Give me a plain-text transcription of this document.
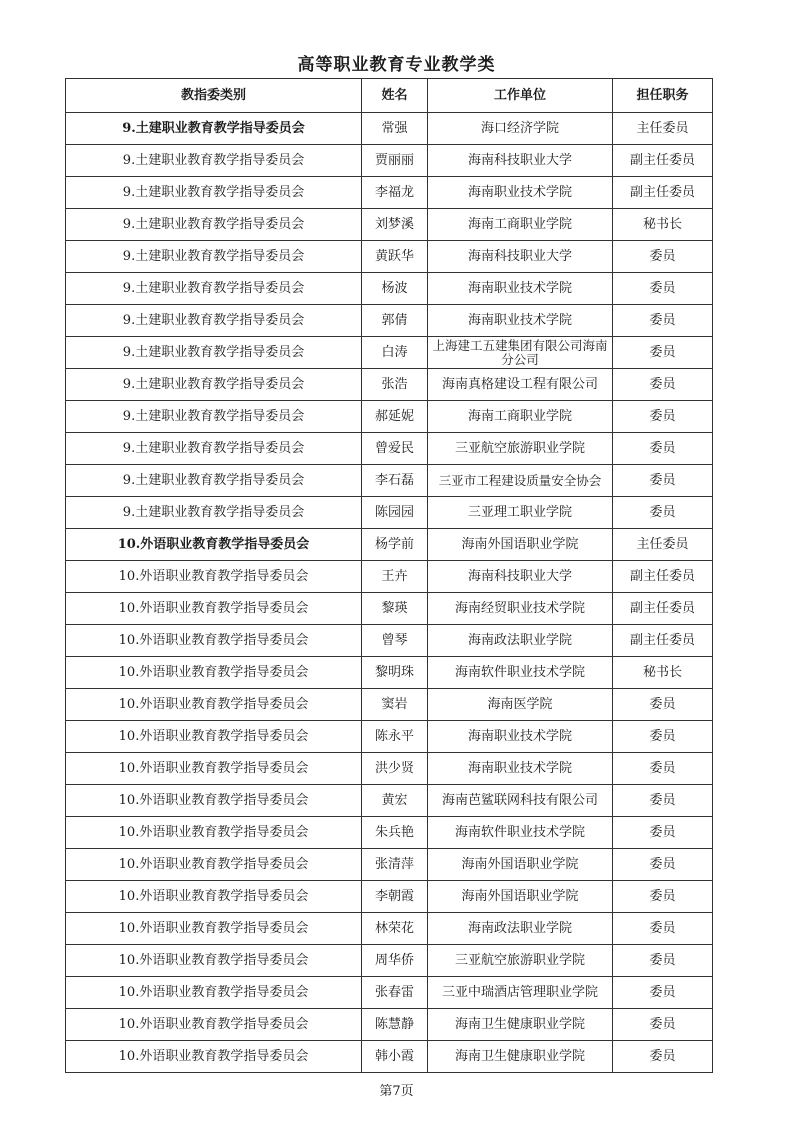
高等职业教育专业教学类
教指委类别	姓名	工作单位	担任职务
9.土建职业教育教学指导委员会	常强	海口经济学院	主任委员
9.土建职业教育教学指导委员会	贾丽丽	海南科技职业大学	副主任委员
9.土建职业教育教学指导委员会	李福龙	海南职业技术学院	副主任委员
9.土建职业教育教学指导委员会	刘梦溪	海南工商职业学院	秘书长
9.土建职业教育教学指导委员会	黄跃华	海南科技职业大学	委员
9.土建职业教育教学指导委员会	杨波	海南职业技术学院	委员
9.土建职业教育教学指导委员会	郭倩	海南职业技术学院	委员
9.土建职业教育教学指导委员会	白涛	上海建工五建集团有限公司海南分公司	委员
9.土建职业教育教学指导委员会	张浩	海南真格建设工程有限公司	委员
9.土建职业教育教学指导委员会	郝延妮	海南工商职业学院	委员
9.土建职业教育教学指导委员会	曾爱民	三亚航空旅游职业学院	委员
9.土建职业教育教学指导委员会	李石磊	三亚市工程建设质量安全协会	委员
9.土建职业教育教学指导委员会	陈园园	三亚理工职业学院	委员
10.外语职业教育教学指导委员会	杨学前	海南外国语职业学院	主任委员
10.外语职业教育教学指导委员会	王卉	海南科技职业大学	副主任委员
10.外语职业教育教学指导委员会	黎瑛	海南经贸职业技术学院	副主任委员
10.外语职业教育教学指导委员会	曾琴	海南政法职业学院	副主任委员
10.外语职业教育教学指导委员会	黎明珠	海南软件职业技术学院	秘书长
10.外语职业教育教学指导委员会	窦岩	海南医学院	委员
10.外语职业教育教学指导委员会	陈永平	海南职业技术学院	委员
10.外语职业教育教学指导委员会	洪少贤	海南职业技术学院	委员
10.外语职业教育教学指导委员会	黄宏	海南芭鲨联网科技有限公司	委员
10.外语职业教育教学指导委员会	朱兵艳	海南软件职业技术学院	委员
10.外语职业教育教学指导委员会	张清萍	海南外国语职业学院	委员
10.外语职业教育教学指导委员会	李朝霞	海南外国语职业学院	委员
10.外语职业教育教学指导委员会	林荣花	海南政法职业学院	委员
10.外语职业教育教学指导委员会	周华侨	三亚航空旅游职业学院	委员
10.外语职业教育教学指导委员会	张春雷	三亚中瑞酒店管理职业学院	委员
10.外语职业教育教学指导委员会	陈慧静	海南卫生健康职业学院	委员
10.外语职业教育教学指导委员会	韩小霞	海南卫生健康职业学院	委员
第7页
